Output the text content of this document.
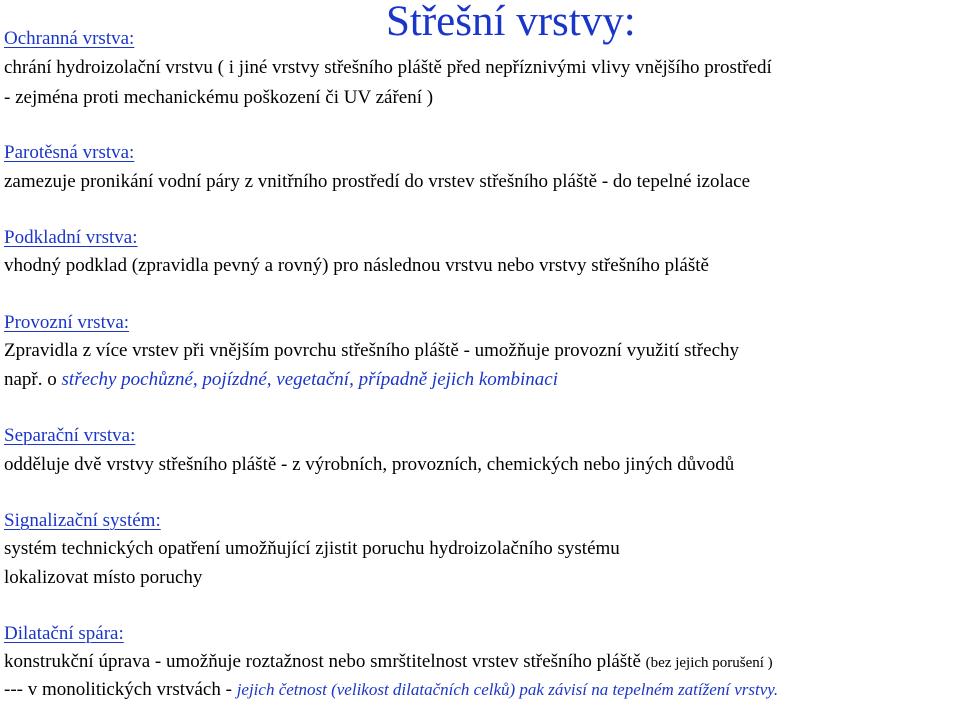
Střešní vrstvy:

Ochranná vrstva:

chrání hydroizolační vrstvu ( i jiné vrstvy střešního pláště před nepříznivými vlivy vnějšího prostředí

- zejména proti mechanickému poškození či UV záření )

Parotěsná vrstva:

zamezuje pronikání vodní páry z vnitřního prostředí do vrstev střešního pláště - do tepelné izolace

Podkladní vrstva:

vhodný podklad (zpravidla pevný a rovný) pro následnou vrstvu nebo vrstvy střešního pláště

Provozní vrstva:

Zpravidla z více vrstev při vnějším povrchu střešního pláště - umožňuje provozní využití střechy

např. o střechy pochůzné, pojízdné, vegetační, případně jejich kombinaci

Separační vrstva:

odděluje dvě vrstvy střešního pláště - z výrobních, provozních, chemických nebo jiných důvodů

Signalizační systém:

systém technických opatření umožňující zjistit poruchu hydroizolačního systému

lokalizovat místo poruchy

Dilatační spára:

konstrukční úprava - umožňuje roztažnost nebo smrštitelnost vrstev střešního pláště (bez jejich porušení )

--- v monolitických vrstvách - jejich četnost (velikost dilatačních celků) pak závisí na tepelném zatížení vrstvy.
